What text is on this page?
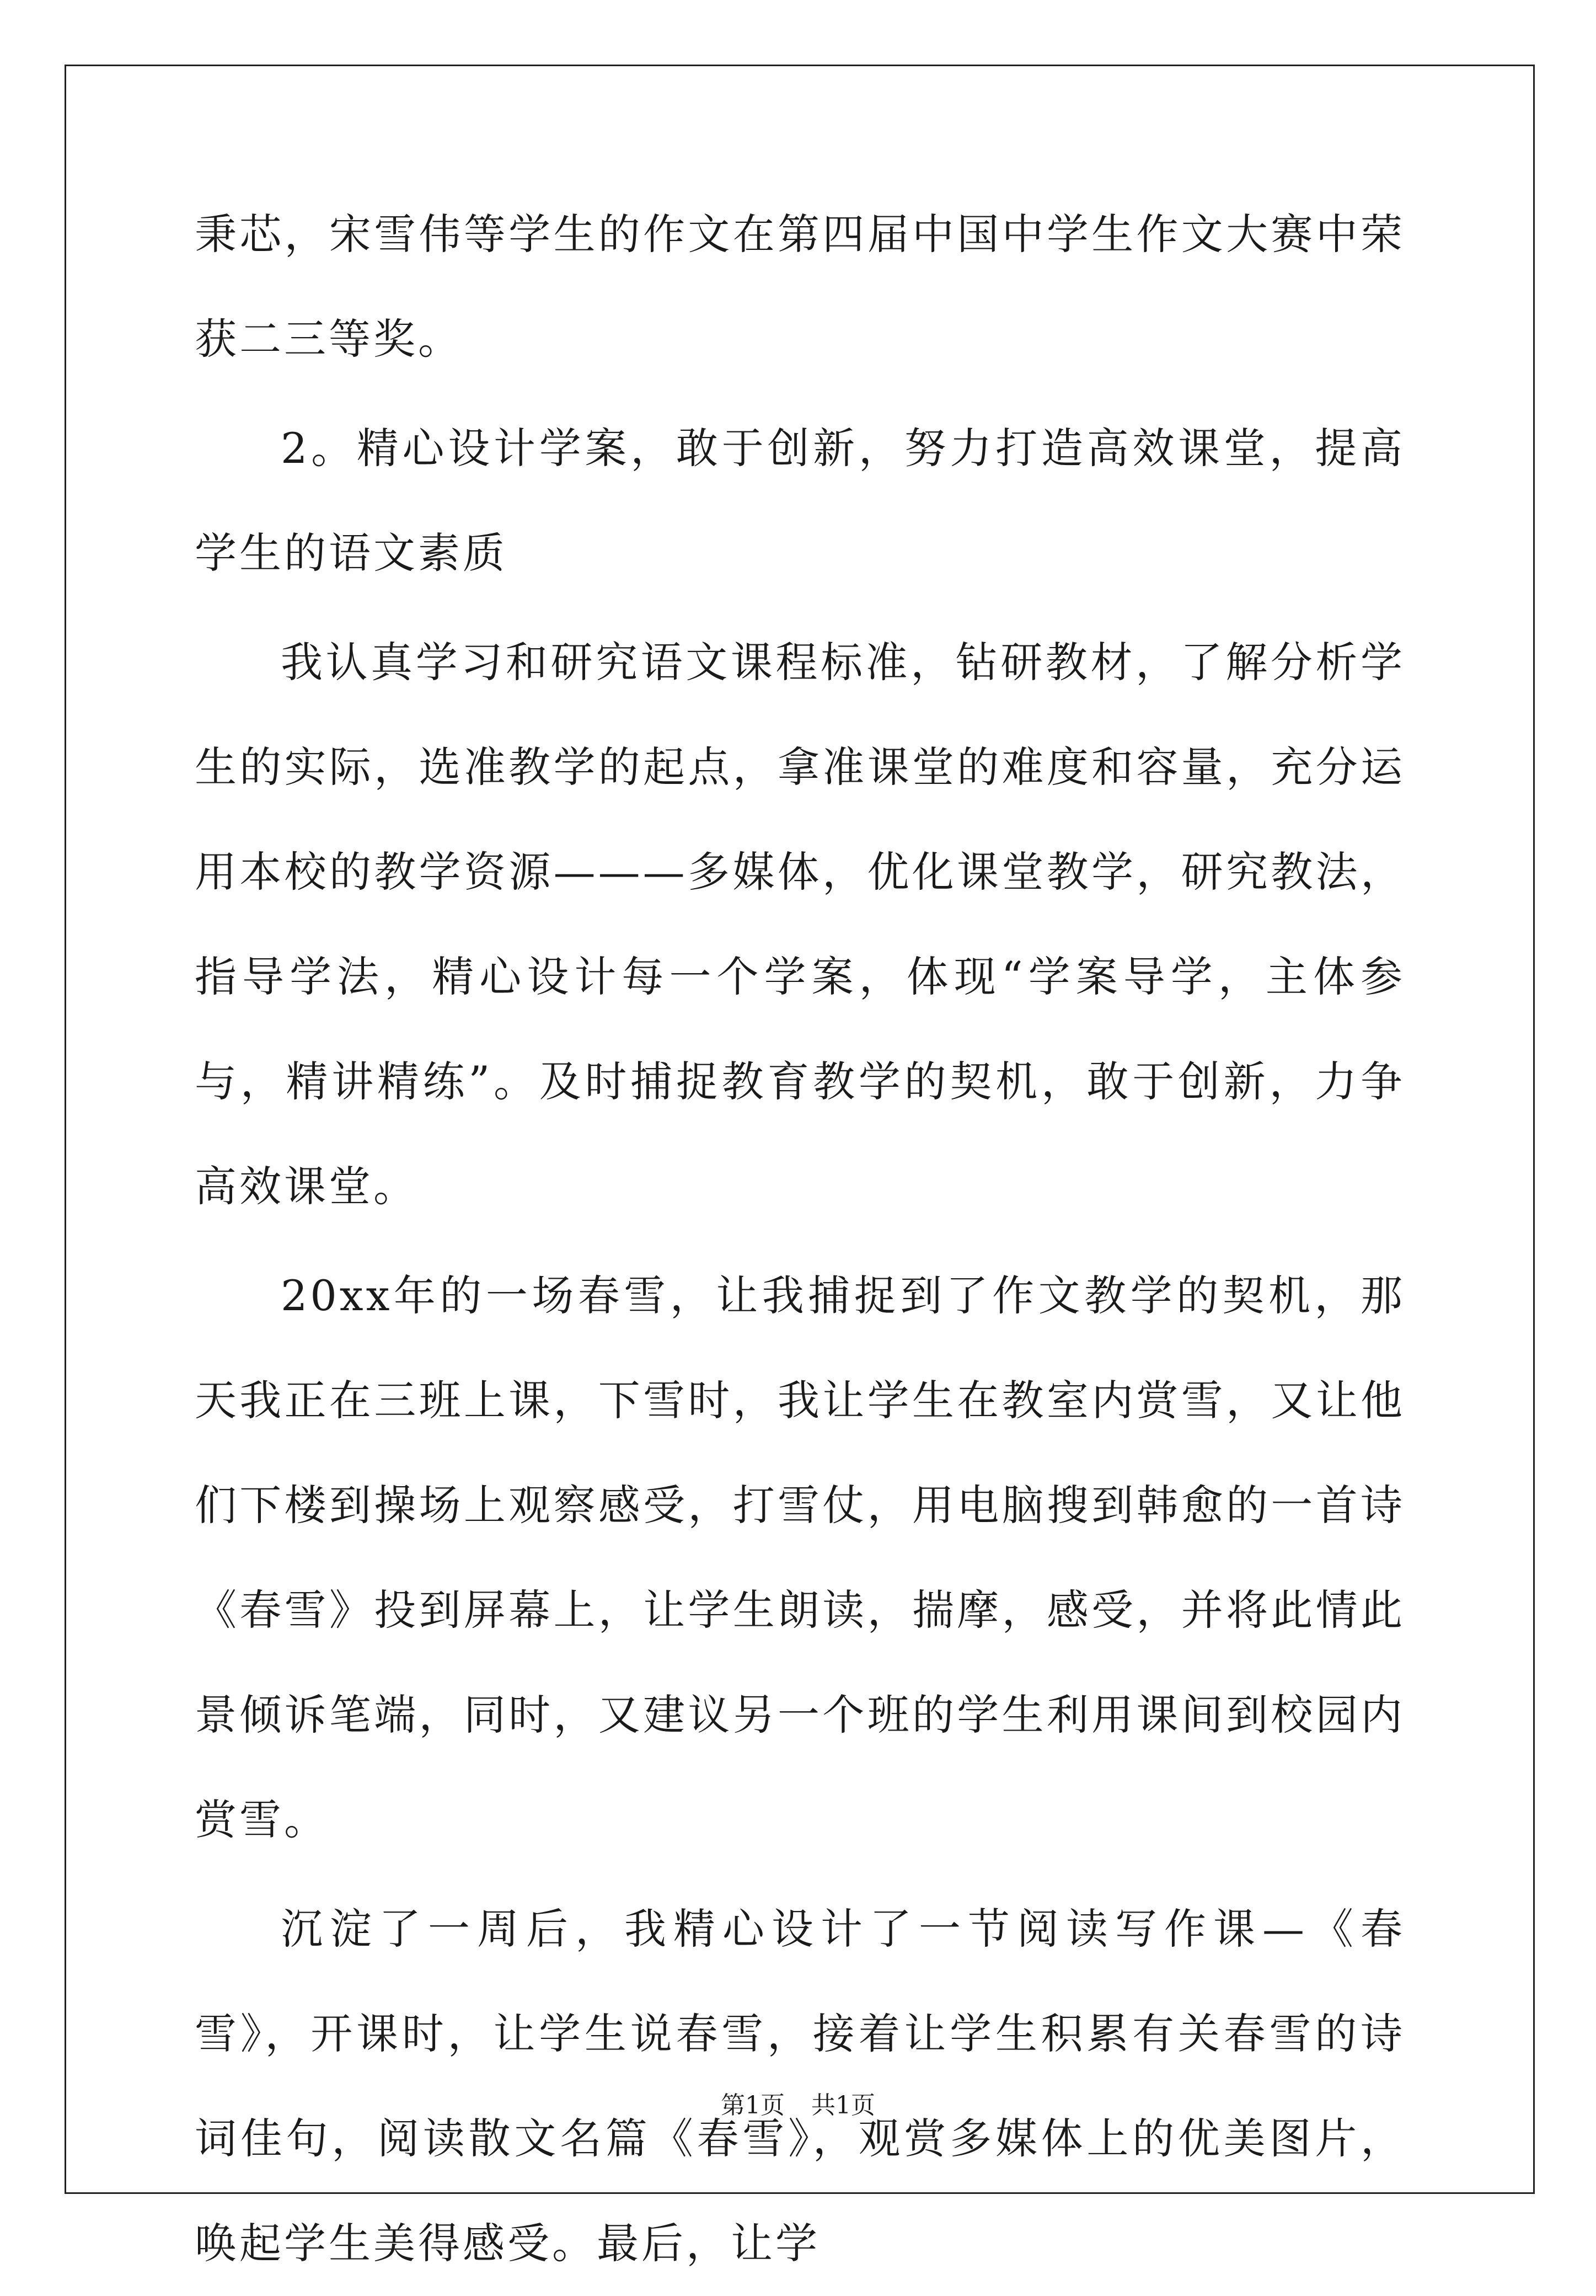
秉芯，宋雪伟等学生的作文在第四届中国中学生作文大赛中荣获二三等奖。

2。精心设计学案，敢于创新，努力打造高效课堂，提高学生的语文素质

我认真学习和研究语文课程标准，钻研教材，了解分析学生的实际，选准教学的起点，拿准课堂的难度和容量，充分运用本校的教学资源———多媒体，优化课堂教学，研究教法，指导学法，精心设计每一个学案，体现“学案导学，主体参与，精讲精练”。及时捕捉教育教学的契机，敢于创新，力争高效课堂。

20xx年的一场春雪，让我捕捉到了作文教学的契机，那天我正在三班上课，下雪时，我让学生在教室内赏雪，又让他们下楼到操场上观察感受，打雪仗，用电脑搜到韩愈的一首诗《春雪》投到屏幕上，让学生朗读，揣摩，感受，并将此情此景倾诉笔端，同时，又建议另一个班的学生利用课间到校园内赏雪。

沉淀了一周后，我精心设计了一节阅读写作课—《春雪》，开课时，让学生说春雪，接着让学生积累有关春雪的诗词佳句，阅读散文名篇《春雪》，观赏多媒体上的优美图片，唤起学生美得感受。最后，让学

第1页 共1页
